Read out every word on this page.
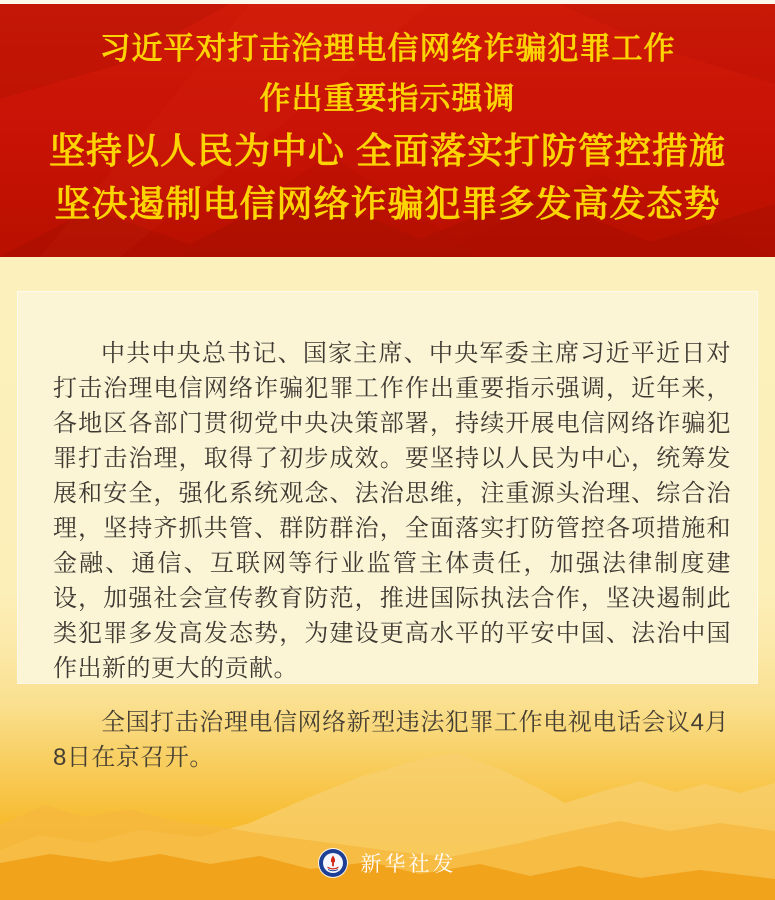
习近平对打击治理电信网络诈骗犯罪工作
作出重要指示强调
坚持以人民为中心 全面落实打防管控措施
坚决遏制电信网络诈骗犯罪多发高发态势

中共中央总书记、国家主席、中央军委主席习近平近日对打击治理电信网络诈骗犯罪工作作出重要指示强调，近年来，各地区各部门贯彻党中央决策部署，持续开展电信网络诈骗犯罪打击治理，取得了初步成效。要坚持以人民为中心，统筹发展和安全，强化系统观念、法治思维，注重源头治理、综合治理，坚持齐抓共管、群防群治，全面落实打防管控各项措施和金融、通信、互联网等行业监管主体责任，加强法律制度建设，加强社会宣传教育防范，推进国际执法合作，坚决遏制此类犯罪多发高发态势，为建设更高水平的平安中国、法治中国作出新的更大的贡献。

全国打击治理电信网络新型违法犯罪工作电视电话会议4月8日在京召开。

新华社发
